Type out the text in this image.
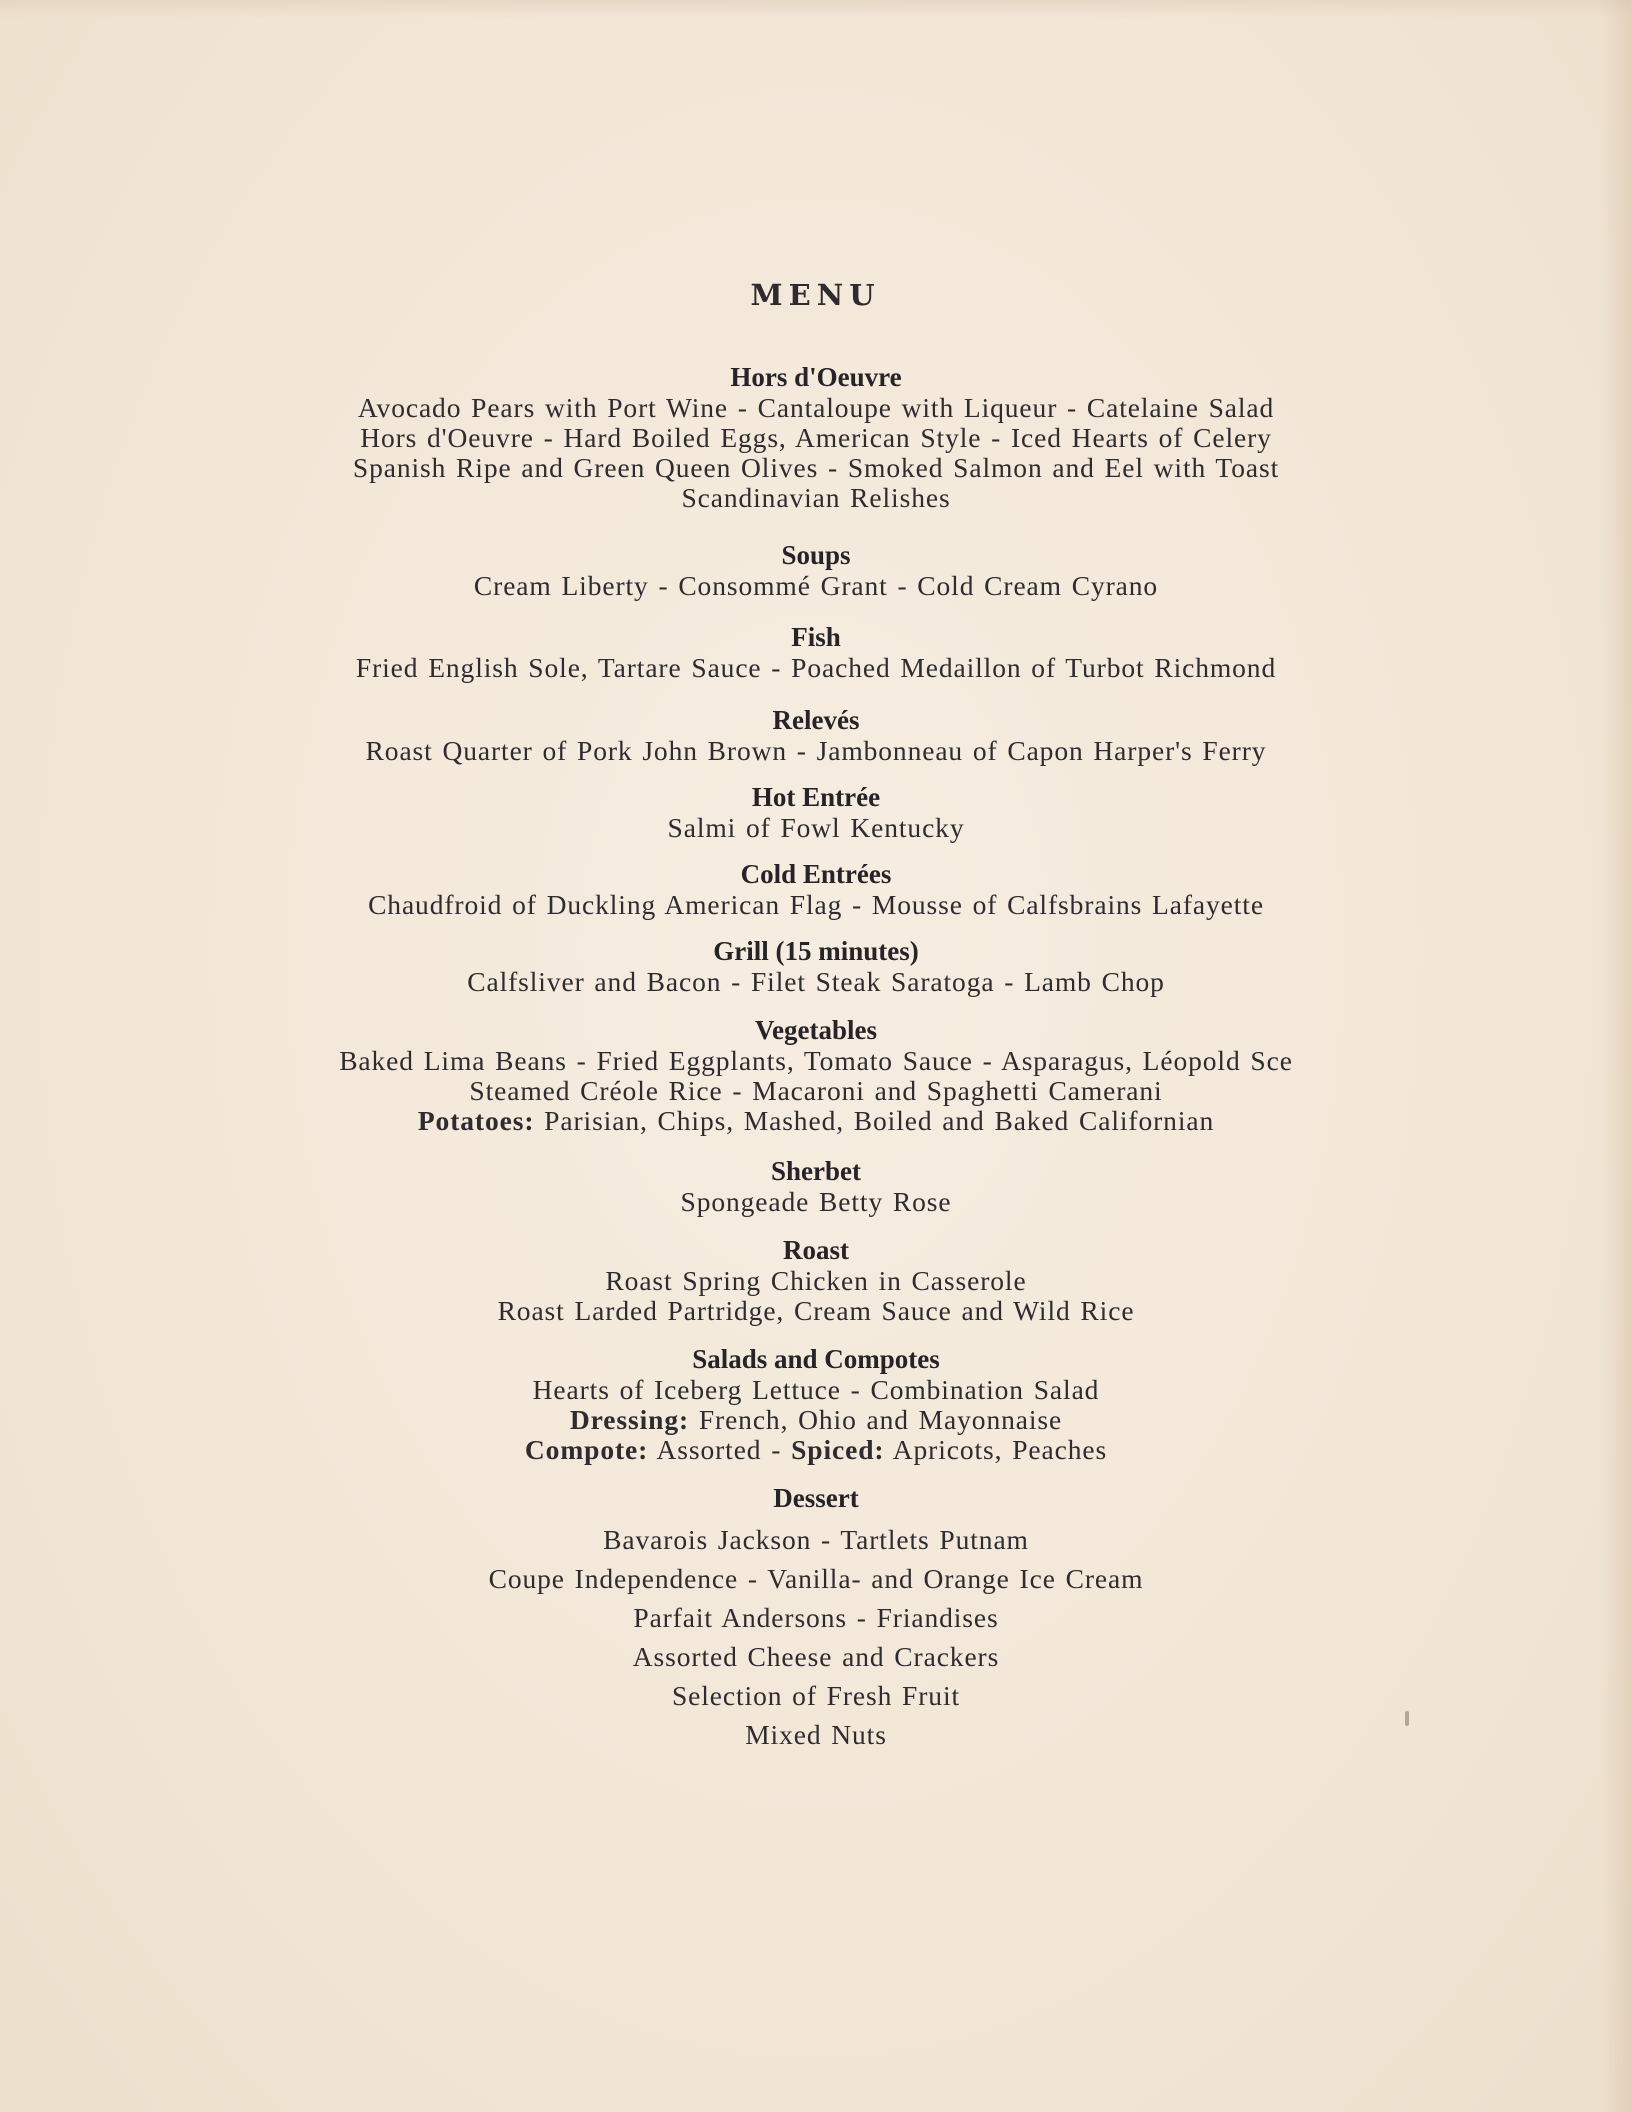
MENU
Hors d'Oeuvre
Avocado Pears with Port Wine - Cantaloupe with Liqueur - Catelaine Salad
Hors d'Oeuvre - Hard Boiled Eggs, American Style - Iced Hearts of Celery
Spanish Ripe and Green Queen Olives - Smoked Salmon and Eel with Toast
Scandinavian Relishes
Soups
Cream Liberty - Consommé Grant - Cold Cream Cyrano
Fish
Fried English Sole, Tartare Sauce - Poached Medaillon of Turbot Richmond
Relevés
Roast Quarter of Pork John Brown - Jambonneau of Capon Harper's Ferry
Hot Entrée
Salmi of Fowl Kentucky
Cold Entrées
Chaudfroid of Duckling American Flag - Mousse of Calfsbrains Lafayette
Grill (15 minutes)
Calfsliver and Bacon - Filet Steak Saratoga - Lamb Chop
Vegetables
Baked Lima Beans - Fried Eggplants, Tomato Sauce - Asparagus, Léopold Sce
Steamed Créole Rice - Macaroni and Spaghetti Camerani
Potatoes: Parisian, Chips, Mashed, Boiled and Baked Californian
Sherbet
Spongeade Betty Rose
Roast
Roast Spring Chicken in Casserole
Roast Larded Partridge, Cream Sauce and Wild Rice
Salads and Compotes
Hearts of Iceberg Lettuce - Combination Salad
Dressing: French, Ohio and Mayonnaise
Compote: Assorted - Spiced: Apricots, Peaches
Dessert
Bavarois Jackson - Tartlets Putnam
Coupe Independence - Vanilla- and Orange Ice Cream
Parfait Andersons - Friandises
Assorted Cheese and Crackers
Selection of Fresh Fruit
Mixed Nuts
